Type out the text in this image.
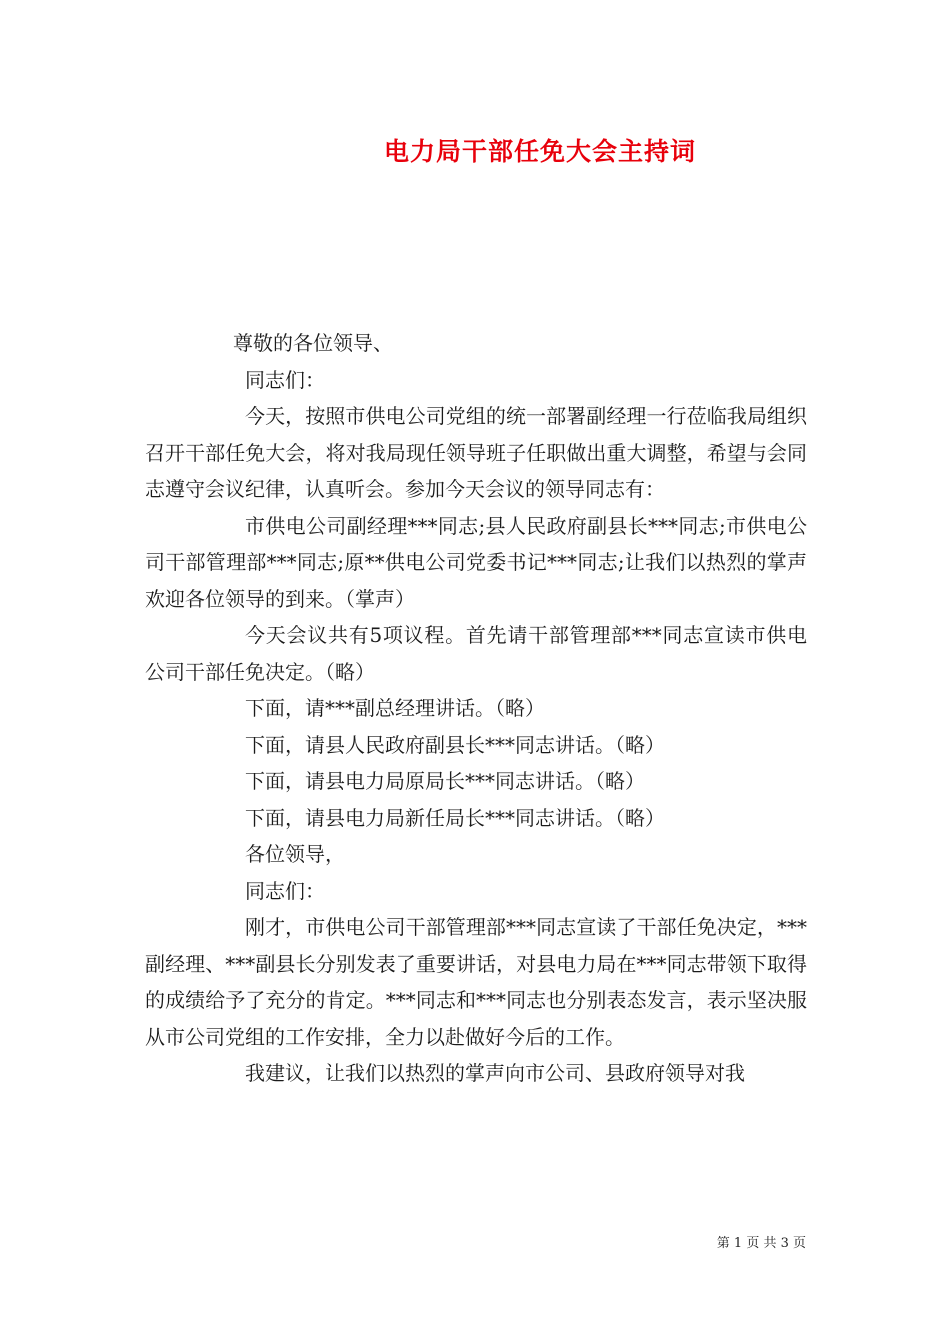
电力局干部任免大会主持词

尊敬的各位领导、

同志们：

今天，按照市供电公司党组的统一部署副经理一行莅临我局组织召开干部任免大会，将对我局现任领导班子任职做出重大调整，希望与会同志遵守会议纪律，认真听会。参加今天会议的领导同志有：

市供电公司副经理***同志;县人民政府副县长***同志;市供电公司干部管理部***同志;原**供电公司党委书记***同志;让我们以热烈的掌声欢迎各位领导的到来。（掌声）

今天会议共有5项议程。首先请干部管理部***同志宣读市供电公司干部任免决定。（略）

下面，请***副总经理讲话。（略）

下面，请县人民政府副县长***同志讲话。（略）

下面，请县电力局原局长***同志讲话。（略）

下面，请县电力局新任局长***同志讲话。（略）

各位领导，

同志们：

刚才，市供电公司干部管理部***同志宣读了干部任免决定，***副经理、***副县长分别发表了重要讲话，对县电力局在***同志带领下取得的成绩给予了充分的肯定。***同志和***同志也分别表态发言，表示坚决服从市公司党组的工作安排，全力以赴做好今后的工作。

我建议，让我们以热烈的掌声向市公司、县政府领导对我

第 1 页 共 3 页
